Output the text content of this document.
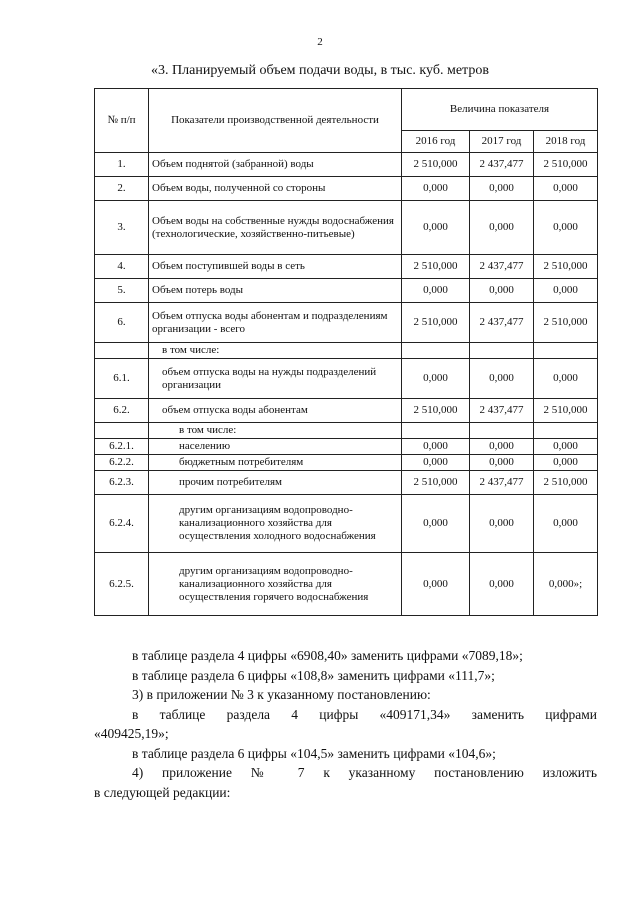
2
«3. Планируемый объем подачи воды, в тыс. куб. метров
№ п/п	Показатели производственной деятельности	Величина показателя		
		2016 год	2017 год	2018 год
1.	Объем поднятой (забранной) воды	2 510,000	2 437,477	2 510,000
2.	Объем воды, полученной со стороны	0,000	0,000	0,000
3.	Объем воды на собственные нужды водоснабжения (технологические, хозяйственно-питьевые)	0,000	0,000	0,000
4.	Объем поступившей воды в сеть	2 510,000	2 437,477	2 510,000
5.	Объем потерь воды	0,000	0,000	0,000
6.	Объем отпуска воды абонентам и подразделениям организации - всего	2 510,000	2 437,477	2 510,000
	в том числе:			
6.1.	объем отпуска воды на нужды подразделений организации	0,000	0,000	0,000
6.2.	объем отпуска воды абонентам	2 510,000	2 437,477	2 510,000
	в том числе:			
6.2.1.	населению	0,000	0,000	0,000
6.2.2.	бюджетным потребителям	0,000	0,000	0,000
6.2.3.	прочим потребителям	2 510,000	2 437,477	2 510,000
6.2.4.	другим организациям водопроводно-канализационного хозяйства для осуществления холодного водоснабжения	0,000	0,000	0,000
6.2.5.	другим организациям водопроводно-канализационного хозяйства для осуществления горячего водоснабжения	0,000	0,000	0,000»;

в таблице раздела 4 цифры «6908,40» заменить цифрами «7089,18»;

в таблице раздела 6 цифры «108,8» заменить цифрами «111,7»;

3) в приложении № 3 к указанному постановлению:

в таблице раздела 4 цифры «409171,34» заменить цифрами

«409425,19»;

в таблице раздела 6 цифры «104,5» заменить цифрами «104,6»;

4) приложение № 7 к указанному постановлению изложить

в следующей редакции:
